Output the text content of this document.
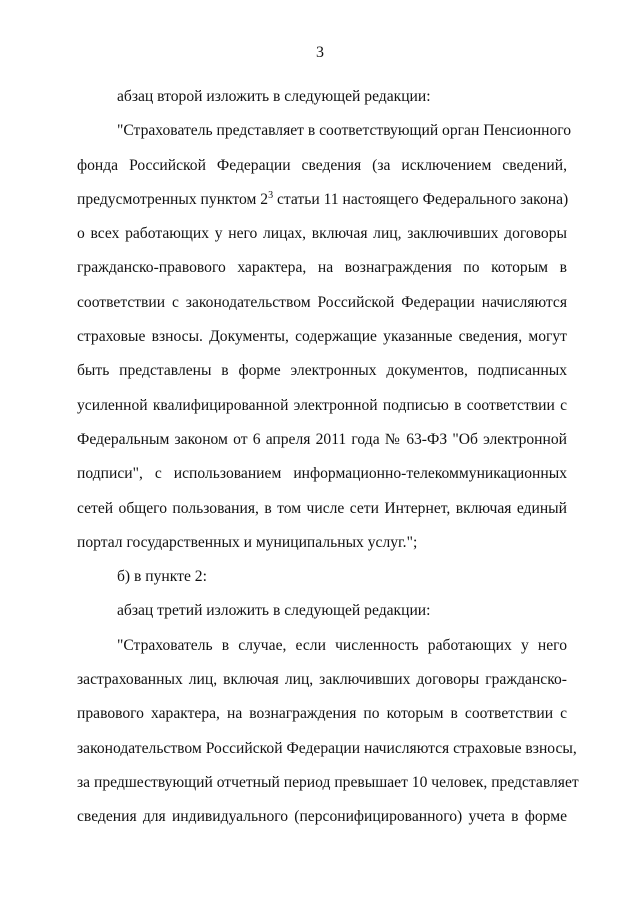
3

абзац второй изложить в следующей редакции:

"Страхователь представляет в соответствующий орган Пенсионного
фонда Российской Федерации сведения (за исключением сведений,
предусмотренных пунктом $2^3$ статьи 11 настоящего Федерального закона)
о всех работающих у него лицах, включая лиц, заключивших договоры
гражданско-правового характера, на вознаграждения по которым в
соответствии с законодательством Российской Федерации начисляются
страховые взносы. Документы, содержащие указанные сведения, могут
быть представлены в форме электронных документов, подписанных
усиленной квалифицированной электронной подписью в соответствии с
Федеральным законом от 6 апреля 2011 года № 63-ФЗ "Об электронной
подписи", с использованием информационно-телекоммуникационных
сетей общего пользования, в том числе сети Интернет, включая единый
портал государственных и муниципальных услуг.";

б) в пункте 2:

абзац третий изложить в следующей редакции:

"Страхователь в случае, если численность работающих у него
застрахованных лиц, включая лиц, заключивших договоры гражданско-
правового характера, на вознаграждения по которым в соответствии с
законодательством Российской Федерации начисляются страховые взносы,
за предшествующий отчетный период превышает 10 человек, представляет
сведения для индивидуального (персонифицированного) учета в форме
